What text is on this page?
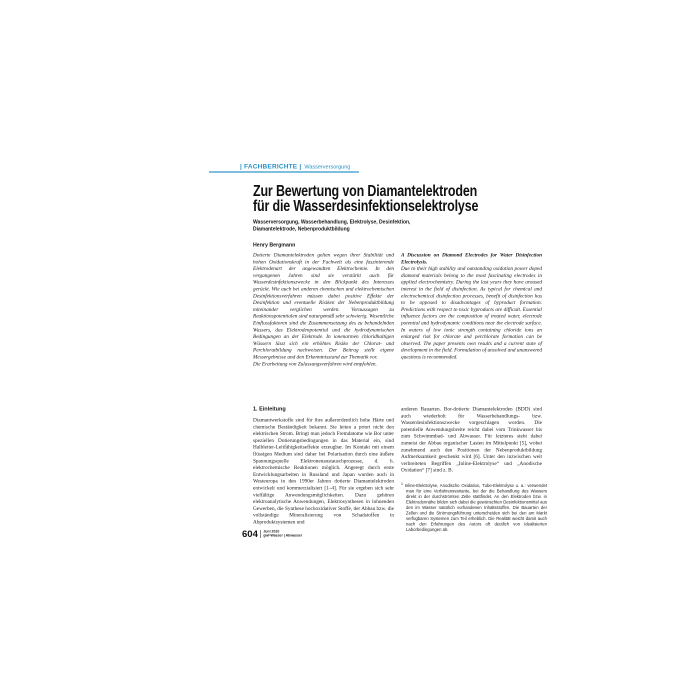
| FACHBERICHTE | Wasserversorgung
Zur Bewertung von Diamantelektroden
für die Wasserdesinfektionselektrolyse
Wasserversorgung, Wasserbehandlung, Elektrolyse, Desinfektion, Diamantelektrode, Nebenproduktbildung
Henry Bergmann
Dotierte Diamantelektroden gelten wegen ihrer Stabilität und hohen Oxidationskraft in der Fachwelt als eine faszinierende Elektrodenart der angewandten Elektrochemie. In den vergangenen Jahren sind sie verstärkt auch für Wasserdesinfektionszwecke in den Blickpunkt des Interesses gerückt. Wie auch bei anderen chemischen und elektrochemischen Desinfektionsverfahren müssen dabei positive Effekte der Desinfektion und eventuelle Risiken der Nebenproduktbildung miteinander verglichen werden. Voraussagen zu Reaktionspotentialen sind naturgemäß sehr schwierig. Wesentliche Einflussfaktoren sind die Zusammensetzung des zu behandelnden Wassers, das Elektrodenpotential und die hydrodynamischen Bedingungen an der Elektrode. In ionenarmen chloridhaltigen Wässern lässt sich ein erhöhtes Risiko der Chlorat- und Perchloratbildung nachweisen. Der Beitrag stellt eigene Messergebnisse und den Erkenntnisstand zur Thematik vor.
Die Erarbeitung von Zulassungsverfahren wird empfohlen.
A Discussion on Diamond Electrodes for Water Disinfection Electrolysis.
Due to their high stability and outstanding oxidation power doped diamond materials belong to the most fascinating electrodes in applied electrochemistry. During the last years they have aroused interest in the field of disinfection. As typical for chemical and electrochemical disinfection processes, benefit of disinfection has to be opposed to disadvantages of byproduct formation. Predictions with respect to toxic byproducts are difficult. Essential influence factors are the composition of treated water, electrode potential and hydrodynamic conditions near the electrode surface. In waters of low ionic strength containing chloride ions an enlarged risk for chlorate and perchlorate formation can be observed. The paper presents own results and a current state of development in the field. Formulation of unsolved and unanswered questions is recommended.
1. Einleitung
Diamantwerkstoffe sind für ihre außerordentlich hohe Härte und chemische Beständigkeit bekannt. Sie leiten a priori nicht den elektrischen Strom. Bringt man jedoch Fremdatome wie Bor unter speziellen Dotierungsbedingungen in das Material ein, sind Halbleiter-Leitfähigkeitseffekte erzeugbar. Im Kontakt mit einem flüssigen Medium sind daher bei Polarisation durch eine äußere Spannungsquelle Elektronenaustauschprozesse, d. h. elektrochemische Reaktionen möglich. Angeregt durch erste Entwicklungsarbeiten in Russland und Japan wurden auch in Westeuropa in den 1990er Jahren dotierte Diamantelektroden entwickelt und kommerzialisiert [1–4]. Für sie ergeben sich sehr vielfältige Anwendungsmöglichkeiten. Dazu gehören elektroanalytische Anwendungen, Elektrosynthesen in lohnenden Gewerben, die Synthese hochoxidativer Stoffe, der Abbau bzw. die vollständige Mineralisierung von Schadstoffen in Abproduktsystemen und
anderen Bauarten. Bor-dotierte Diamantelektroden (BDD) sind auch wiederholt für Wasserbehandlungs- bzw. Wasserdesinfektionszwecke vorgeschlagen worden. Die potentielle Anwendungsbreite reicht dabei vom Trinkwasser bis zum Schwimmbad- und Abwasser. Für letzteres steht dabei zumeist der Abbau organischer Lasten im Mittelpunkt [5], wobei zunehmend auch den Positionen der Nebenproduktbildung Aufmerksamkeit geschenkt wird [6]. Unter den inzwischen weit verbreiteten Begriffen „Inline-Elektrolyse“ und „Anodische Oxidation“ [7] sind z. B.
$^1$ Inline-Elektrolyse, Anodische Oxidation, Tube-Elektrolyse u. a.: verwendet man für eine Verfahrensvariante, bei der die Behandlung des Wassers direkt in der durchströmten Zelle stattfindet. An den Elektroden bzw. in Elektrodennähe bilden sich dabei die gewünschten Desinfektionsmittel aus den im Wasser natürlich vorhandenen Inhaltsstoffen. Die Bauarten der Zellen und die Strömungsführung unterscheiden sich bei den am Markt verfügbaren Systemen zum Teil erheblich. Die Realität weicht damit auch nach den Erfahrungen des Autors oft deutlich von idealisierten Laborbedingungen ab.
604 Juni 2010
gwf-Wasser | Abwasser
